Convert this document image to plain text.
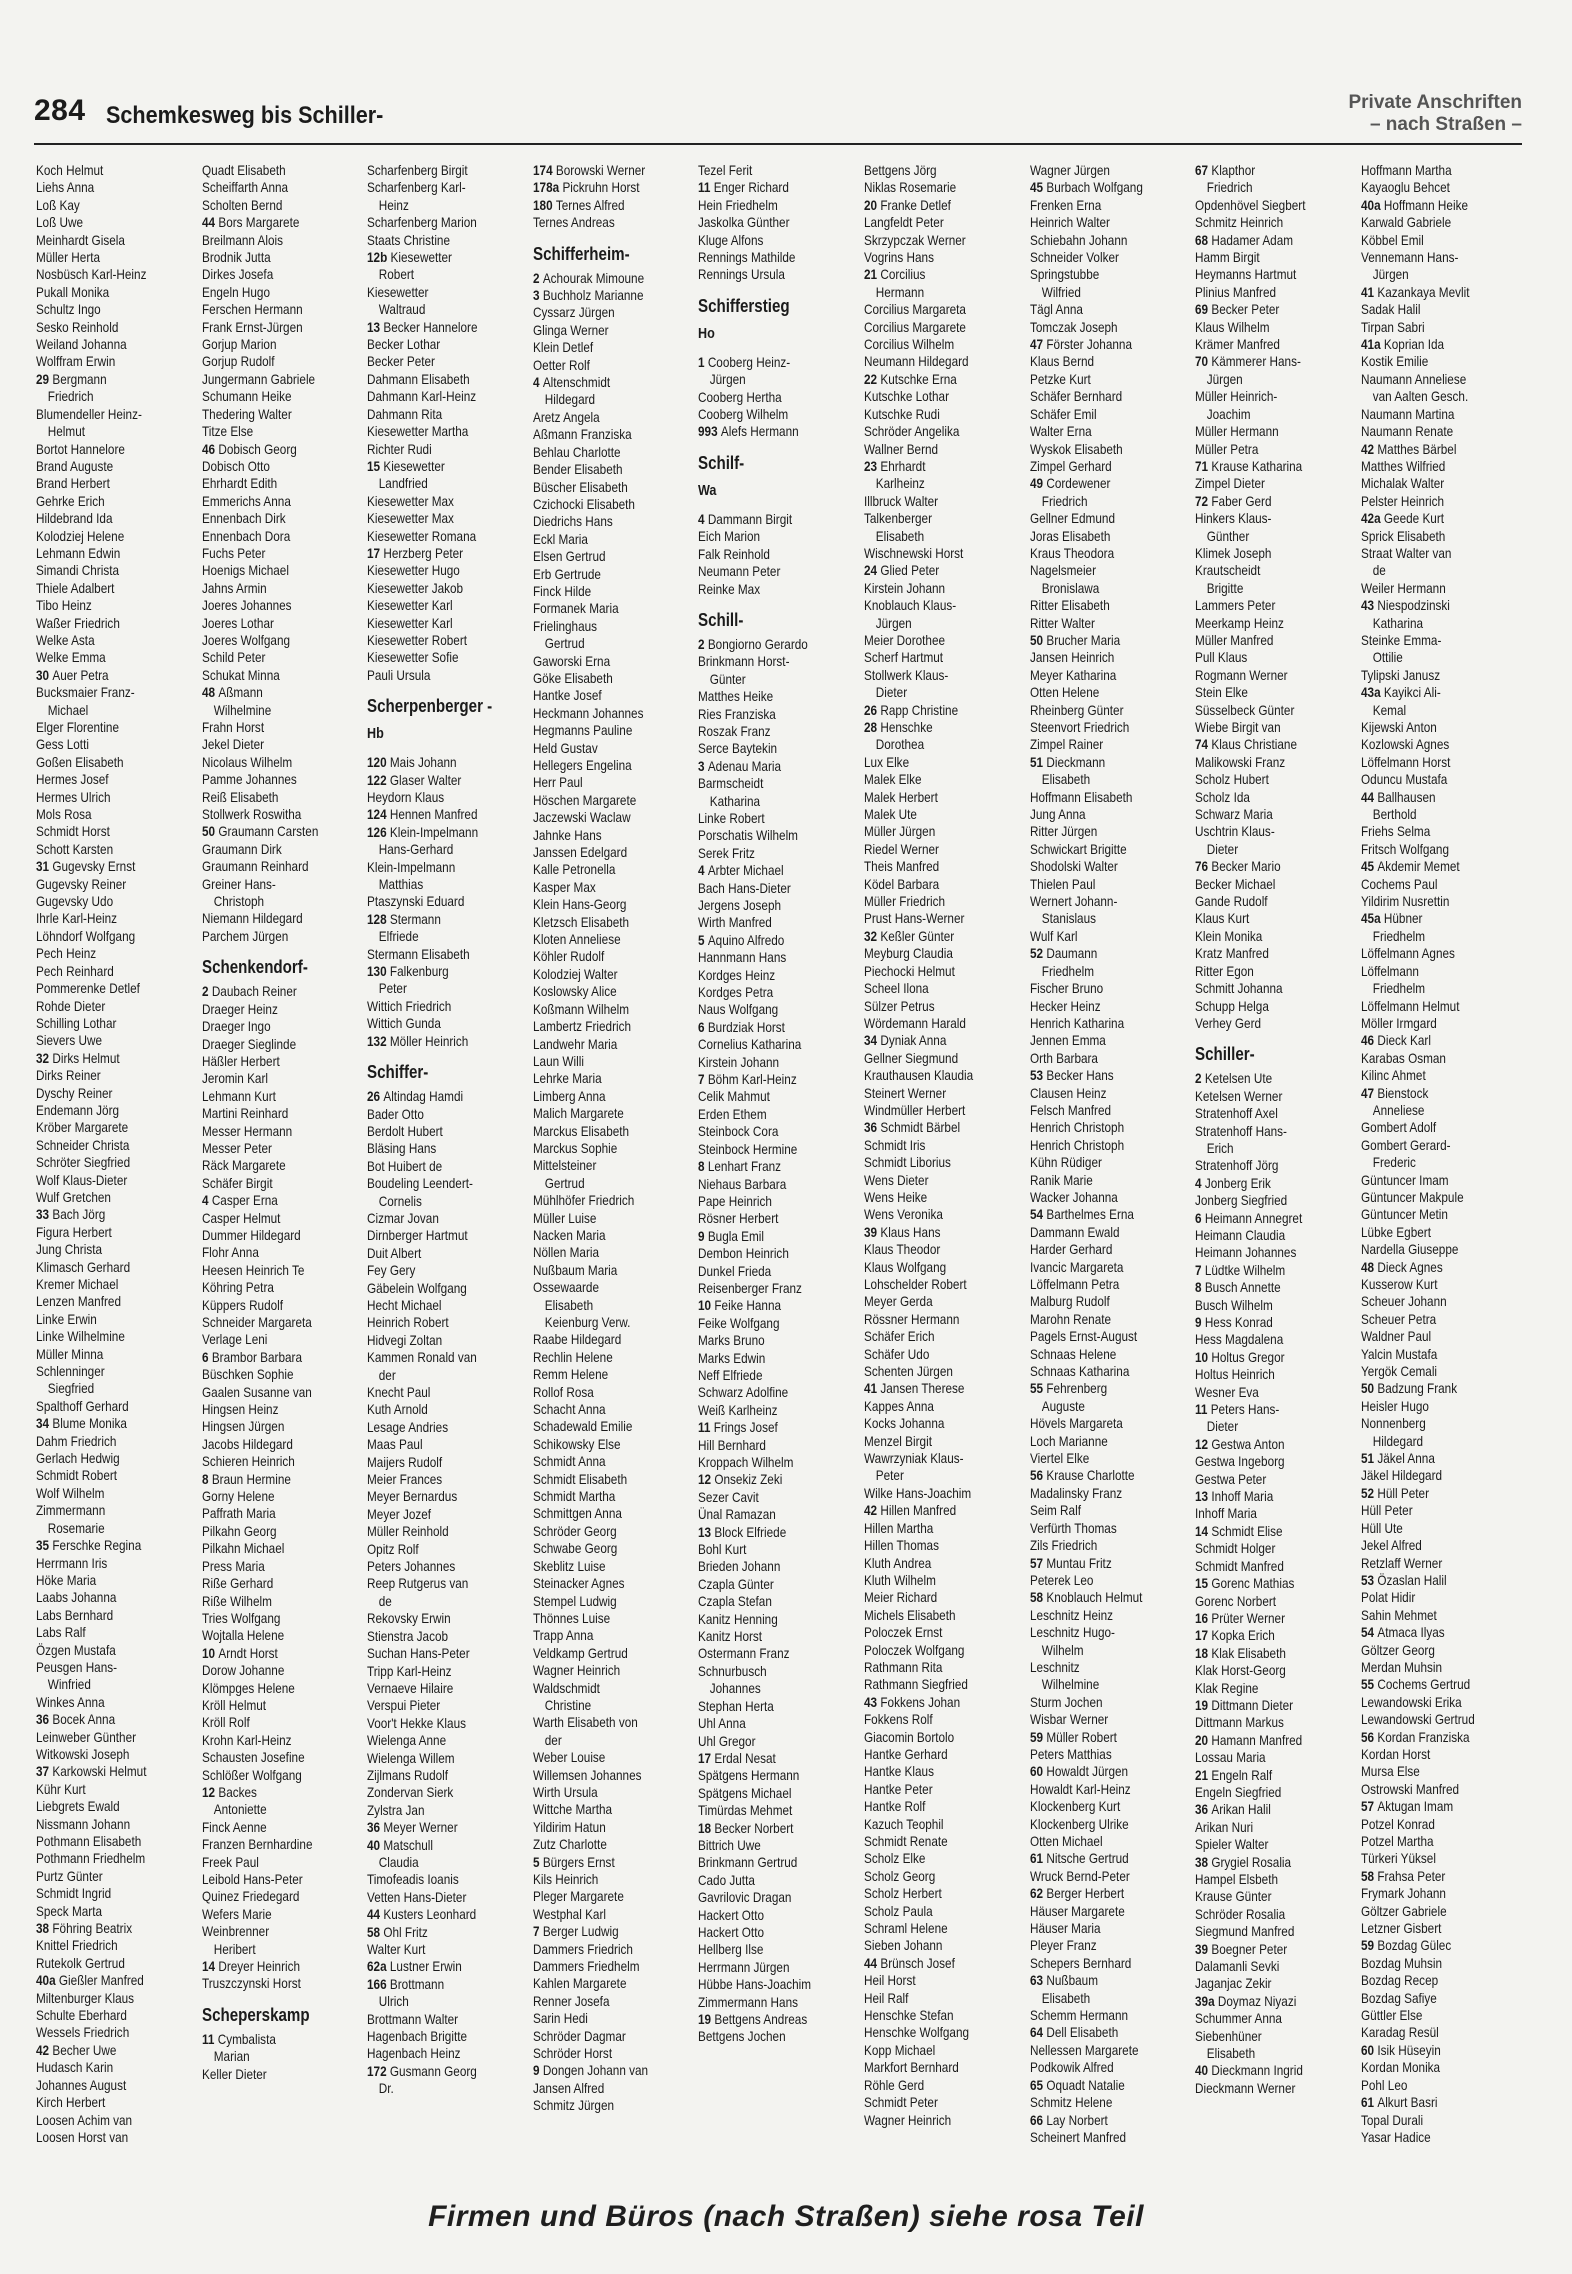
284 Schemkesweg bis Schiller-	Private Anschriften
– nach Straßen –
Koch Helmut
Liehs Anna
Loß Kay
Loß Uwe
Meinhardt Gisela
Müller Herta
Nosbüsch Karl-Heinz
Pukall Monika
Schultz Ingo
Sesko Reinhold
Weiland Johanna
Wolffram Erwin
29 Bergmann
Friedrich
Blumendeller Heinz-
Helmut
Bortot Hannelore
Brand Auguste
Brand Herbert
Gehrke Erich
Hildebrand Ida
Kolodziej Helene
Lehmann Edwin
Simandi Christa
Thiele Adalbert
Tibo Heinz
Waßer Friedrich
Welke Asta
Welke Emma
30 Auer Petra
Bucksmaier Franz-
Michael
Elger Florentine
Gess Lotti
Goßen Elisabeth
Hermes Josef
Hermes Ulrich
Mols Rosa
Schmidt Horst
Schott Karsten
31 Gugevsky Ernst
Gugevsky Reiner
Gugevsky Udo
Ihrle Karl-Heinz
Löhndorf Wolfgang
Pech Heinz
Pech Reinhard
Pommerenke Detlef
Rohde Dieter
Schilling Lothar
Sievers Uwe
32 Dirks Helmut
Dirks Reiner
Dyschy Reiner
Endemann Jörg
Kröber Margarete
Schneider Christa
Schröter Siegfried
Wolf Klaus-Dieter
Wulf Gretchen
33 Bach Jörg
Figura Herbert
Jung Christa
Klimasch Gerhard
Kremer Michael
Lenzen Manfred
Linke Erwin
Linke Wilhelmine
Müller Minna
Schlenninger
Siegfried
Spalthoff Gerhard
34 Blume Monika
Dahm Friedrich
Gerlach Hedwig
Schmidt Robert
Wolf Wilhelm
Zimmermann
Rosemarie
35 Ferschke Regina
Herrmann Iris
Höke Maria
Laabs Johanna
Labs Bernhard
Labs Ralf
Özgen Mustafa
Peusgen Hans-
Winfried
Winkes Anna
36 Bocek Anna
Leinweber Günther
Witkowski Joseph
37 Karkowski Helmut
Kühr Kurt
Liebgrets Ewald
Nissmann Johann
Pothmann Elisabeth
Pothmann Friedhelm
Purtz Günter
Schmidt Ingrid
Speck Marta
38 Föhring Beatrix
Knittel Friedrich
Rutekolk Gertrud
40a Gießler Manfred
Miltenburger Klaus
Schulte Eberhard
Wessels Friedrich
42 Becher Uwe
Hudasch Karin
Johannes August
Kirch Herbert
Loosen Achim van
Loosen Horst van
Quadt Elisabeth
Scheiffarth Anna
Scholten Bernd
44 Bors Margarete
Breilmann Alois
Brodnik Jutta
Dirkes Josefa
Engeln Hugo
Ferschen Hermann
Frank Ernst-Jürgen
Gorjup Marion
Gorjup Rudolf
Jungermann Gabriele
Schumann Heike
Thedering Walter
Titze Else
46 Dobisch Georg
Dobisch Otto
Ehrhardt Edith
Emmerichs Anna
Ennenbach Dirk
Ennenbach Dora
Fuchs Peter
Hoenigs Michael
Jahns Armin
Joeres Johannes
Joeres Lothar
Joeres Wolfgang
Schild Peter
Schukat Minna
48 Aßmann
Wilhelmine
Frahn Horst
Jekel Dieter
Nicolaus Wilhelm
Pamme Johannes
Reiß Elisabeth
Stollwerk Roswitha
50 Graumann Carsten
Graumann Dirk
Graumann Reinhard
Greiner Hans-
Christoph
Niemann Hildegard
Parchem Jürgen
Schenkendorf-
2 Daubach Reiner
Draeger Heinz
Draeger Ingo
Draeger Sieglinde
Häßler Herbert
Jeromin Karl
Lehmann Kurt
Martini Reinhard
Messer Hermann
Messer Peter
Räck Margarete
Schäfer Birgit
4 Casper Erna
Casper Helmut
Dummer Hildegard
Flohr Anna
Heesen Heinrich Te
Köhring Petra
Küppers Rudolf
Schneider Margareta
Verlage Leni
6 Brambor Barbara
Büschken Sophie
Gaalen Susanne van
Hingsen Heinz
Hingsen Jürgen
Jacobs Hildegard
Schieren Heinrich
8 Braun Hermine
Gorny Helene
Paffrath Maria
Pilkahn Georg
Pilkahn Michael
Press Maria
Riße Gerhard
Riße Wilhelm
Tries Wolfgang
Wojtalla Helene
10 Arndt Horst
Dorow Johanne
Klömpges Helene
Kröll Helmut
Kröll Rolf
Krohn Karl-Heinz
Schausten Josefine
Schlößer Wolfgang
12 Backes
Antoniette
Finck Aenne
Franzen Bernhardine
Freek Paul
Leibold Hans-Peter
Quinez Friedegard
Wefers Marie
Weinbrenner
Heribert
14 Dreyer Heinrich
Truszczynski Horst
Scheperskamp
11 Cymbalista
Marian
Keller Dieter
Scharfenberg Birgit
Scharfenberg Karl-
Heinz
Scharfenberg Marion
Staats Christine
12b Kiesewetter
Robert
Kiesewetter
Waltraud
13 Becker Hannelore
Becker Lothar
Becker Peter
Dahmann Elisabeth
Dahmann Karl-Heinz
Dahmann Rita
Kiesewetter Martha
Richter Rudi
15 Kiesewetter
Landfried
Kiesewetter Max
Kiesewetter Max
Kiesewetter Romana
17 Herzberg Peter
Kiesewetter Hugo
Kiesewetter Jakob
Kiesewetter Karl
Kiesewetter Karl
Kiesewetter Robert
Kiesewetter Sofie
Pauli Ursula
Scherpenberger -
Hb
120 Mais Johann
122 Glaser Walter
Heydorn Klaus
124 Hennen Manfred
126 Klein-Impelmann
Hans-Gerhard
Klein-Impelmann
Matthias
Ptaszynski Eduard
128 Stermann
Elfriede
Stermann Elisabeth
130 Falkenburg
Peter
Wittich Friedrich
Wittich Gunda
132 Möller Heinrich
Schiffer-
26 Altindag Hamdi
Bader Otto
Berdolt Hubert
Bläsing Hans
Bot Huibert de
Boudeling Leendert-
Cornelis
Cizmar Jovan
Dirnberger Hartmut
Duit Albert
Fey Gery
Gäbelein Wolfgang
Hecht Michael
Heinrich Robert
Hidvegi Zoltan
Kammen Ronald van
der
Knecht Paul
Kuth Arnold
Lesage Andries
Maas Paul
Maijers Rudolf
Meier Frances
Meyer Bernardus
Meyer Jozef
Müller Reinhold
Opitz Rolf
Peters Johannes
Reep Rutgerus van
de
Rekovsky Erwin
Stienstra Jacob
Suchan Hans-Peter
Tripp Karl-Heinz
Vernaeve Hilaire
Verspui Pieter
Voor't Hekke Klaus
Wielenga Anne
Wielenga Willem
Zijlmans Rudolf
Zondervan Sierk
Zylstra Jan
36 Meyer Werner
40 Matschull
Claudia
Timofeadis Ioanis
Vetten Hans-Dieter
44 Kusters Leonhard
58 Ohl Fritz
Walter Kurt
62a Lustner Erwin
166 Brottmann
Ulrich
Brottmann Walter
Hagenbach Brigitte
Hagenbach Heinz
172 Gusmann Georg
Dr.
174 Borowski Werner
178a Pickruhn Horst
180 Ternes Alfred
Ternes Andreas
Schifferheim-
2 Achourak Mimoune
3 Buchholz Marianne
Cyssarz Jürgen
Glinga Werner
Klein Detlef
Oetter Rolf
4 Altenschmidt
Hildegard
Aretz Angela
Aßmann Franziska
Behlau Charlotte
Bender Elisabeth
Büscher Elisabeth
Czichocki Elisabeth
Diedrichs Hans
Eckl Maria
Elsen Gertrud
Erb Gertrude
Finck Hilde
Formanek Maria
Frielinghaus
Gertrud
Gaworski Erna
Göke Elisabeth
Hantke Josef
Heckmann Johannes
Hegmanns Pauline
Held Gustav
Hellegers Engelina
Herr Paul
Höschen Margarete
Jaczewski Waclaw
Jahnke Hans
Janssen Edelgard
Kalle Petronella
Kasper Max
Klein Hans-Georg
Kletzsch Elisabeth
Kloten Anneliese
Köhler Rudolf
Kolodziej Walter
Koslowsky Alice
Koßmann Wilhelm
Lambertz Friedrich
Landwehr Maria
Laun Willi
Lehrke Maria
Limberg Anna
Malich Margarete
Marckus Elisabeth
Marckus Sophie
Mittelsteiner
Gertrud
Mühlhöfer Friedrich
Müller Luise
Nacken Maria
Nöllen Maria
Nußbaum Maria
Ossewaarde
Elisabeth
Keienburg Verw.
Raabe Hildegard
Rechlin Helene
Remm Helene
Rollof Rosa
Schacht Anna
Schadewald Emilie
Schikowsky Else
Schmidt Anna
Schmidt Elisabeth
Schmidt Martha
Schmittgen Anna
Schröder Georg
Schwabe Georg
Skeblitz Luise
Steinacker Agnes
Stempel Ludwig
Thönnes Luise
Trapp Anna
Veldkamp Gertrud
Wagner Heinrich
Waldschmidt
Christine
Warth Elisabeth von
der
Weber Louise
Willemsen Johannes
Wirth Ursula
Wittche Martha
Yildirim Hatun
Zutz Charlotte
5 Bürgers Ernst
Kils Heinrich
Pleger Margarete
Westphal Karl
7 Berger Ludwig
Dammers Friedrich
Dammers Friedhelm
Kahlen Margarete
Renner Josefa
Sarin Hedi
Schröder Dagmar
Schröder Horst
9 Dongen Johann van
Jansen Alfred
Schmitz Jürgen
Tezel Ferit
11 Enger Richard
Hein Friedhelm
Jaskolka Günther
Kluge Alfons
Rennings Mathilde
Rennings Ursula
Schifferstieg
Ho
1 Cooberg Heinz-
Jürgen
Cooberg Hertha
Cooberg Wilhelm
993 Alefs Hermann
Schilf-
Wa
4 Dammann Birgit
Eich Marion
Falk Reinhold
Neumann Peter
Reinke Max
Schill-
2 Bongiorno Gerardo
Brinkmann Horst-
Günter
Matthes Heike
Ries Franziska
Roszak Franz
Serce Baytekin
3 Adenau Maria
Barmscheidt
Katharina
Linke Robert
Porschatis Wilhelm
Serek Fritz
4 Arbter Michael
Bach Hans-Dieter
Jergens Joseph
Wirth Manfred
5 Aquino Alfredo
Hannmann Hans
Kordges Heinz
Kordges Petra
Naus Wolfgang
6 Burdziak Horst
Cornelius Katharina
Kirstein Johann
7 Böhm Karl-Heinz
Celik Mahmut
Erden Ethem
Steinbock Cora
Steinbock Hermine
8 Lenhart Franz
Niehaus Barbara
Pape Heinrich
Rösner Herbert
9 Bugla Emil
Dembon Heinrich
Dunkel Frieda
Reisenberger Franz
10 Feike Hanna
Feike Wolfgang
Marks Bruno
Marks Edwin
Neff Elfriede
Schwarz Adolfine
Weiß Karlheinz
11 Frings Josef
Hill Bernhard
Kroppach Wilhelm
12 Onsekiz Zeki
Sezer Cavit
Ünal Ramazan
13 Block Elfriede
Bohl Kurt
Brieden Johann
Czapla Günter
Czapla Stefan
Kanitz Henning
Kanitz Horst
Ostermann Franz
Schnurbusch
Johannes
Stephan Herta
Uhl Anna
Uhl Gregor
17 Erdal Nesat
Spätgens Hermann
Spätgens Michael
Timürdas Mehmet
18 Becker Norbert
Bittrich Uwe
Brinkmann Gertrud
Cado Jutta
Gavrilovic Dragan
Hackert Otto
Hackert Otto
Hellberg Ilse
Herrmann Jürgen
Hübbe Hans-Joachim
Zimmermann Hans
19 Bettgens Andreas
Bettgens Jochen
Bettgens Jörg
Niklas Rosemarie
20 Franke Detlef
Langfeldt Peter
Skrzypczak Werner
Vogrins Hans
21 Corcilius
Hermann
Corcilius Margareta
Corcilius Margarete
Corcilius Wilhelm
Neumann Hildegard
22 Kutschke Erna
Kutschke Lothar
Kutschke Rudi
Schröder Angelika
Wallner Bernd
23 Ehrhardt
Karlheinz
Illbruck Walter
Talkenberger
Elisabeth
Wischnewski Horst
24 Glied Peter
Kirstein Johann
Knoblauch Klaus-
Jürgen
Meier Dorothee
Scherf Hartmut
Stollwerk Klaus-
Dieter
26 Rapp Christine
28 Henschke
Dorothea
Lux Elke
Malek Elke
Malek Herbert
Malek Ute
Müller Jürgen
Riedel Werner
Theis Manfred
Ködel Barbara
Müller Friedrich
Prust Hans-Werner
32 Keßler Günter
Meyburg Claudia
Piechocki Helmut
Scheel Ilona
Sülzer Petrus
Wördemann Harald
34 Dyniak Anna
Gellner Siegmund
Krauthausen Klaudia
Steinert Werner
Windmüller Herbert
36 Schmidt Bärbel
Schmidt Iris
Schmidt Liborius
Wens Dieter
Wens Heike
Wens Veronika
39 Klaus Hans
Klaus Theodor
Klaus Wolfgang
Lohschelder Robert
Meyer Gerda
Rössner Hermann
Schäfer Erich
Schäfer Udo
Schenten Jürgen
41 Jansen Therese
Kappes Anna
Kocks Johanna
Menzel Birgit
Wawrzyniak Klaus-
Peter
Wilke Hans-Joachim
42 Hillen Manfred
Hillen Martha
Hillen Thomas
Kluth Andrea
Kluth Wilhelm
Meier Richard
Michels Elisabeth
Poloczek Ernst
Poloczek Wolfgang
Rathmann Rita
Rathmann Siegfried
43 Fokkens Johan
Fokkens Rolf
Giacomin Bortolo
Hantke Gerhard
Hantke Klaus
Hantke Peter
Hantke Rolf
Kazuch Teophil
Schmidt Renate
Scholz Elke
Scholz Georg
Scholz Herbert
Scholz Paula
Schraml Helene
Sieben Johann
44 Brünsch Josef
Heil Horst
Heil Ralf
Henschke Stefan
Henschke Wolfgang
Kopp Michael
Markfort Bernhard
Röhle Gerd
Schmidt Peter
Wagner Heinrich
Wagner Jürgen
45 Burbach Wolfgang
Frenken Erna
Heinrich Walter
Schiebahn Johann
Schneider Volker
Springstubbe
Wilfried
Tägl Anna
Tomczak Joseph
47 Förster Johanna
Klaus Bernd
Petzke Kurt
Schäfer Bernhard
Schäfer Emil
Walter Erna
Wyskok Elisabeth
Zimpel Gerhard
49 Cordewener
Friedrich
Gellner Edmund
Joras Elisabeth
Kraus Theodora
Nagelsmeier
Bronislawa
Ritter Elisabeth
Ritter Walter
50 Brucher Maria
Jansen Heinrich
Meyer Katharina
Otten Helene
Rheinberg Günter
Steenvort Friedrich
Zimpel Rainer
51 Dieckmann
Elisabeth
Hoffmann Elisabeth
Jung Anna
Ritter Jürgen
Schwickart Brigitte
Shodolski Walter
Thielen Paul
Wernert Johann-
Stanislaus
Wulf Karl
52 Daumann
Friedhelm
Fischer Bruno
Hecker Heinz
Henrich Katharina
Jennen Emma
Orth Barbara
53 Becker Hans
Clausen Heinz
Felsch Manfred
Henrich Christoph
Henrich Christoph
Kühn Rüdiger
Ranik Marie
Wacker Johanna
54 Barthelmes Erna
Dammann Ewald
Harder Gerhard
Ivancic Margareta
Löffelmann Petra
Malburg Rudolf
Marohn Renate
Pagels Ernst-August
Schnaas Helene
Schnaas Katharina
55 Fehrenberg
Auguste
Hövels Margareta
Loch Marianne
Viertel Elke
56 Krause Charlotte
Madalinsky Franz
Seim Ralf
Verfürth Thomas
Zils Friedrich
57 Muntau Fritz
Peterek Leo
58 Knoblauch Helmut
Leschnitz Heinz
Leschnitz Hugo-
Wilhelm
Leschnitz
Wilhelmine
Sturm Jochen
Wisbar Werner
59 Müller Robert
Peters Matthias
60 Howaldt Jürgen
Howaldt Karl-Heinz
Klockenberg Kurt
Klockenberg Ulrike
Otten Michael
61 Nitsche Gertrud
Wruck Bernd-Peter
62 Berger Herbert
Häuser Margarete
Häuser Maria
Pleyer Franz
Schepers Bernhard
63 Nußbaum
Elisabeth
Schemm Hermann
64 Dell Elisabeth
Nellessen Margarete
Podkowik Alfred
65 Oquadt Natalie
Schmitz Helene
66 Lay Norbert
Scheinert Manfred
67 Klapthor
Friedrich
Opdenhövel Siegbert
Schmitz Heinrich
68 Hadamer Adam
Hamm Birgit
Heymanns Hartmut
Plinius Manfred
69 Becker Peter
Klaus Wilhelm
Krämer Manfred
70 Kämmerer Hans-
Jürgen
Müller Heinrich-
Joachim
Müller Hermann
Müller Petra
71 Krause Katharina
Zimpel Dieter
72 Faber Gerd
Hinkers Klaus-
Günther
Klimek Joseph
Krautscheidt
Brigitte
Lammers Peter
Meerkamp Heinz
Müller Manfred
Pull Klaus
Rogmann Werner
Stein Elke
Süsselbeck Günter
Wiebe Birgit van
74 Klaus Christiane
Malikowski Franz
Scholz Hubert
Scholz Ida
Schwarz Maria
Uschtrin Klaus-
Dieter
76 Becker Mario
Becker Michael
Gande Rudolf
Klaus Kurt
Klein Monika
Kratz Manfred
Ritter Egon
Schmitt Johanna
Schupp Helga
Verhey Gerd
Schiller-
2 Ketelsen Ute
Ketelsen Werner
Stratenhoff Axel
Stratenhoff Hans-
Erich
Stratenhoff Jörg
4 Jonberg Erik
Jonberg Siegfried
6 Heimann Annegret
Heimann Claudia
Heimann Johannes
7 Lüdtke Wilhelm
8 Busch Annette
Busch Wilhelm
9 Hess Konrad
Hess Magdalena
10 Holtus Gregor
Holtus Heinrich
Wesner Eva
11 Peters Hans-
Dieter
12 Gestwa Anton
Gestwa Ingeborg
Gestwa Peter
13 Inhoff Maria
Inhoff Maria
14 Schmidt Elise
Schmidt Holger
Schmidt Manfred
15 Gorenc Mathias
Gorenc Norbert
16 Prüter Werner
17 Kopka Erich
18 Klak Elisabeth
Klak Horst-Georg
Klak Regine
19 Dittmann Dieter
Dittmann Markus
20 Hamann Manfred
Lossau Maria
21 Engeln Ralf
Engeln Siegfried
36 Arikan Halil
Arikan Nuri
Spieler Walter
38 Grygiel Rosalia
Hampel Elsbeth
Krause Günter
Schröder Rosalia
Siegmund Manfred
39 Boegner Peter
Dalamanli Sevki
Jaganjac Zekir
39a Doymaz Niyazi
Schummer Anna
Siebenhüner
Elisabeth
40 Dieckmann Ingrid
Dieckmann Werner
Hoffmann Martha
Kayaoglu Behcet
40a Hoffmann Heike
Karwald Gabriele
Köbbel Emil
Vennemann Hans-
Jürgen
41 Kazankaya Mevlit
Sadak Halil
Tirpan Sabri
41a Koprian Ida
Kostik Emilie
Naumann Anneliese
van Aalten Gesch.
Naumann Martina
Naumann Renate
42 Matthes Bärbel
Matthes Wilfried
Michalak Walter
Pelster Heinrich
42a Geede Kurt
Sprick Elisabeth
Straat Walter van
de
Weiler Hermann
43 Niespodzinski
Katharina
Steinke Emma-
Ottilie
Tylipski Janusz
43a Kayikci Ali-
Kemal
Kijewski Anton
Kozlowski Agnes
Löffelmann Horst
Oduncu Mustafa
44 Ballhausen
Berthold
Friehs Selma
Fritsch Wolfgang
45 Akdemir Memet
Cochems Paul
Yildirim Nusrettin
45a Hübner
Friedhelm
Löffelmann Agnes
Löffelmann
Friedhelm
Löffelmann Helmut
Möller Irmgard
46 Dieck Karl
Karabas Osman
Kilinc Ahmet
47 Bienstock
Anneliese
Gombert Adolf
Gombert Gerard-
Frederic
Güntuncer Imam
Güntuncer Makpule
Güntuncer Metin
Lübke Egbert
Nardella Giuseppe
48 Dieck Agnes
Kusserow Kurt
Scheuer Johann
Scheuer Petra
Waldner Paul
Yalcin Mustafa
Yergök Cemali
50 Badzung Frank
Heisler Hugo
Nonnenberg
Hildegard
51 Jäkel Anna
Jäkel Hildegard
52 Hüll Peter
Hüll Peter
Hüll Ute
Jekel Alfred
Retzlaff Werner
53 Özaslan Halil
Polat Hidir
Sahin Mehmet
54 Atmaca Ilyas
Göltzer Georg
Merdan Muhsin
55 Cochems Gertrud
Lewandowski Erika
Lewandowski Gertrud
56 Kordan Franziska
Kordan Horst
Mursa Else
Ostrowski Manfred
57 Aktugan Imam
Potzel Konrad
Potzel Martha
Türkeri Yüksel
58 Frahsa Peter
Frymark Johann
Göltzer Gabriele
Letzner Gisbert
59 Bozdag Gülec
Bozdag Muhsin
Bozdag Recep
Bozdag Safiye
Güttler Else
Karadag Resül
60 Isik Hüseyin
Kordan Monika
Pohl Leo
61 Alkurt Basri
Topal Durali
Yasar Hadice
Firmen und Büros (nach Straßen) siehe rosa Teil
